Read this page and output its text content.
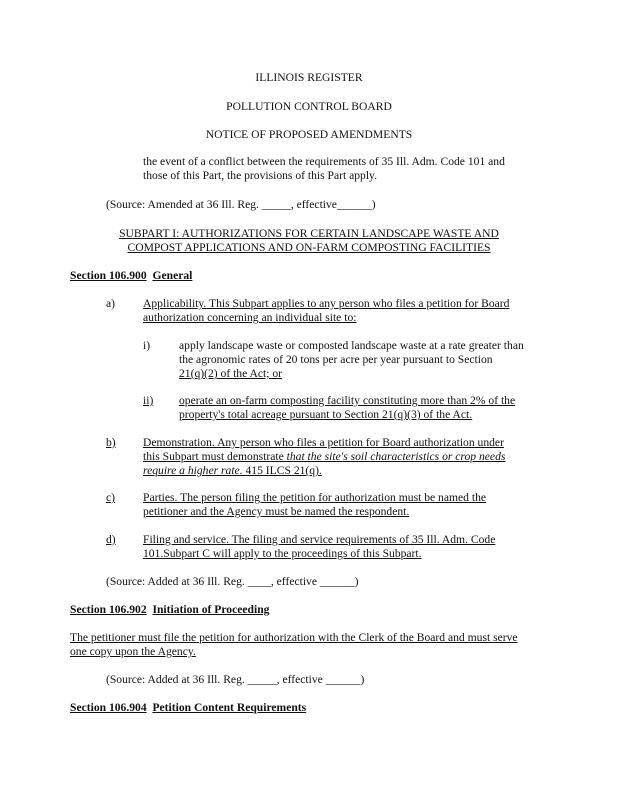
ILLINOIS REGISTER
POLLUTION CONTROL BOARD
NOTICE OF PROPOSED AMENDMENTS
the event of a conflict between the requirements of 35 Ill. Adm. Code 101 and
those of this Part, the provisions of this Part apply.
(Source: Amended at 36 Ill. Reg. _____, effective______)
SUBPART I: AUTHORIZATIONS FOR CERTAIN LANDSCAPE WASTE AND
COMPOST APPLICATIONS AND ON-FARM COMPOSTING FACILITIES
Section 106.900 General
a) Applicability. This Subpart applies to any person who files a petition for Board
authorization concerning an individual site to:
i) apply landscape waste or composted landscape waste at a rate greater than
the agronomic rates of 20 tons per acre per year pursuant to Section
21(q)(2) of the Act; or
ii) operate an on-farm composting facility constituting more than 2% of the
property's total acreage pursuant to Section 21(q)(3) of the Act.
b) Demonstration. Any person who files a petition for Board authorization under
this Subpart must demonstrate that the site's soil characteristics or crop needs
require a higher rate. 415 ILCS 21(q).
c) Parties. The person filing the petition for authorization must be named the
petitioner and the Agency must be named the respondent.
d) Filing and service. The filing and service requirements of 35 Ill. Adm. Code
101.Subpart C will apply to the proceedings of this Subpart.
(Source: Added at 36 Ill. Reg. ____, effective ______)
Section 106.902 Initiation of Proceeding
The petitioner must file the petition for authorization with the Clerk of the Board and must serve
one copy upon the Agency.
(Source: Added at 36 Ill. Reg. _____, effective ______)
Section 106.904 Petition Content Requirements
